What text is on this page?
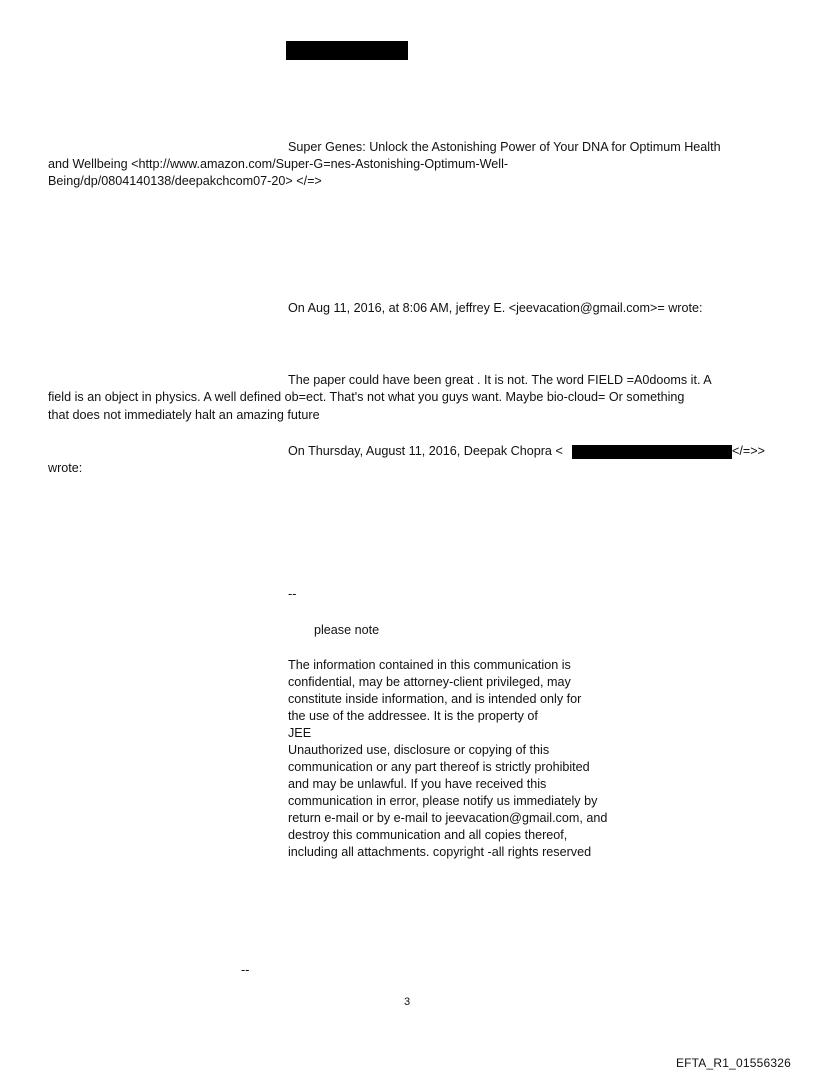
Super Genes: Unlock the Astonishing Power of Your DNA for Optimum Health
and Wellbeing <http://www.amazon.com/Super-G=nes-Astonishing-Optimum-Well-
Being/dp/0804140138/deepakchcom07-20> </=>
On Aug 11, 2016, at 8:06 AM, jeffrey E. <jeevacation@gmail.com>= wrote:
The paper could have been great . It is not. The word FIELD =A0dooms it. A
field is an object in physics. A well defined ob=ect. That's not what you guys want. Maybe bio-cloud= Or something
that does not immediately halt an amazing future
On Thursday, August 11, 2016, Deepak Chopra <	</=>>
wrote:
--
please note
The information contained in this communication is
confidential, may be attorney-client privileged, may
constitute inside information, and is intended only for
the use of the addressee. It is the property of
JEE
Unauthorized use, disclosure or copying of this
communication or any part thereof is strictly prohibited
and may be unlawful. If you have received this
communication in error, please notify us immediately by
return e-mail or by e-mail to jeevacation@gmail.com, and
destroy this communication and all copies thereof,
including all attachments. copyright -all rights reserved
--
3
EFTA_R1_01556326
